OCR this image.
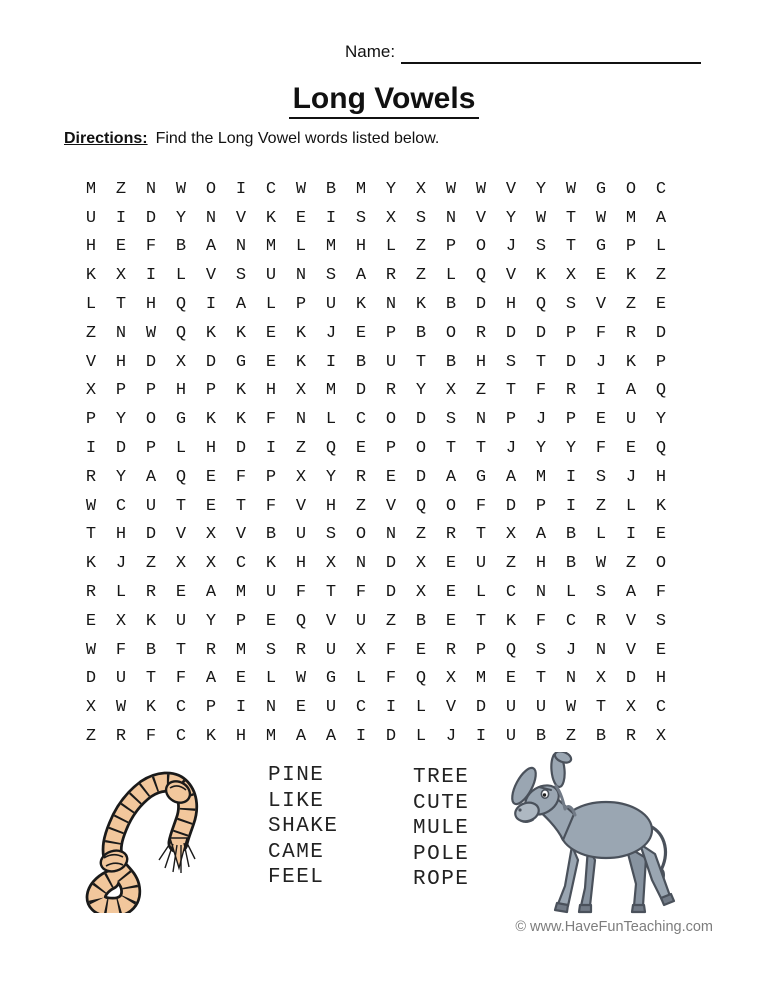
Name:
Long Vowels
Directions: Find the Long Vowel words listed below.
M	Z	N	W	O	I	C	W	B	M	Y	X	W	W	V	Y	W	G	O	C
U	I	D	Y	N	V	K	E	I	S	X	S	N	V	Y	W	T	W	M	A
H	E	F	B	A	N	M	L	M	H	L	Z	P	O	J	S	T	G	P	L
K	X	I	L	V	S	U	N	S	A	R	Z	L	Q	V	K	X	E	K	Z
L	T	H	Q	I	A	L	P	U	K	N	K	B	D	H	Q	S	V	Z	E
Z	N	W	Q	K	K	E	K	J	E	P	B	O	R	D	D	P	F	R	D
V	H	D	X	D	G	E	K	I	B	U	T	B	H	S	T	D	J	K	P
X	P	P	H	P	K	H	X	M	D	R	Y	X	Z	T	F	R	I	A	Q
P	Y	O	G	K	K	F	N	L	C	O	D	S	N	P	J	P	E	U	Y
I	D	P	L	H	D	I	Z	Q	E	P	O	T	T	J	Y	Y	F	E	Q
R	Y	A	Q	E	F	P	X	Y	R	E	D	A	G	A	M	I	S	J	H
W	C	U	T	E	T	F	V	H	Z	V	Q	O	F	D	P	I	Z	L	K
T	H	D	V	X	V	B	U	S	O	N	Z	R	T	X	A	B	L	I	E
K	J	Z	X	X	C	K	H	X	N	D	X	E	U	Z	H	B	W	Z	O
R	L	R	E	A	M	U	F	T	F	D	X	E	L	C	N	L	S	A	F
E	X	K	U	Y	P	E	Q	V	U	Z	B	E	T	K	F	C	R	V	S
W	F	B	T	R	M	S	R	U	X	F	E	R	P	Q	S	J	N	V	E
D	U	T	F	A	E	L	W	G	L	F	Q	X	M	E	T	N	X	D	H
X	W	K	C	P	I	N	E	U	C	I	L	V	D	U	U	W	T	X	C
Z	R	F	C	K	H	M	A	A	I	D	L	J	I	U	B	Z	B	R	X
PINE
LIKE
SHAKE
CAME
FEEL
TREE
CUTE
MULE
POLE
ROPE
© www.HaveFunTeaching.com
